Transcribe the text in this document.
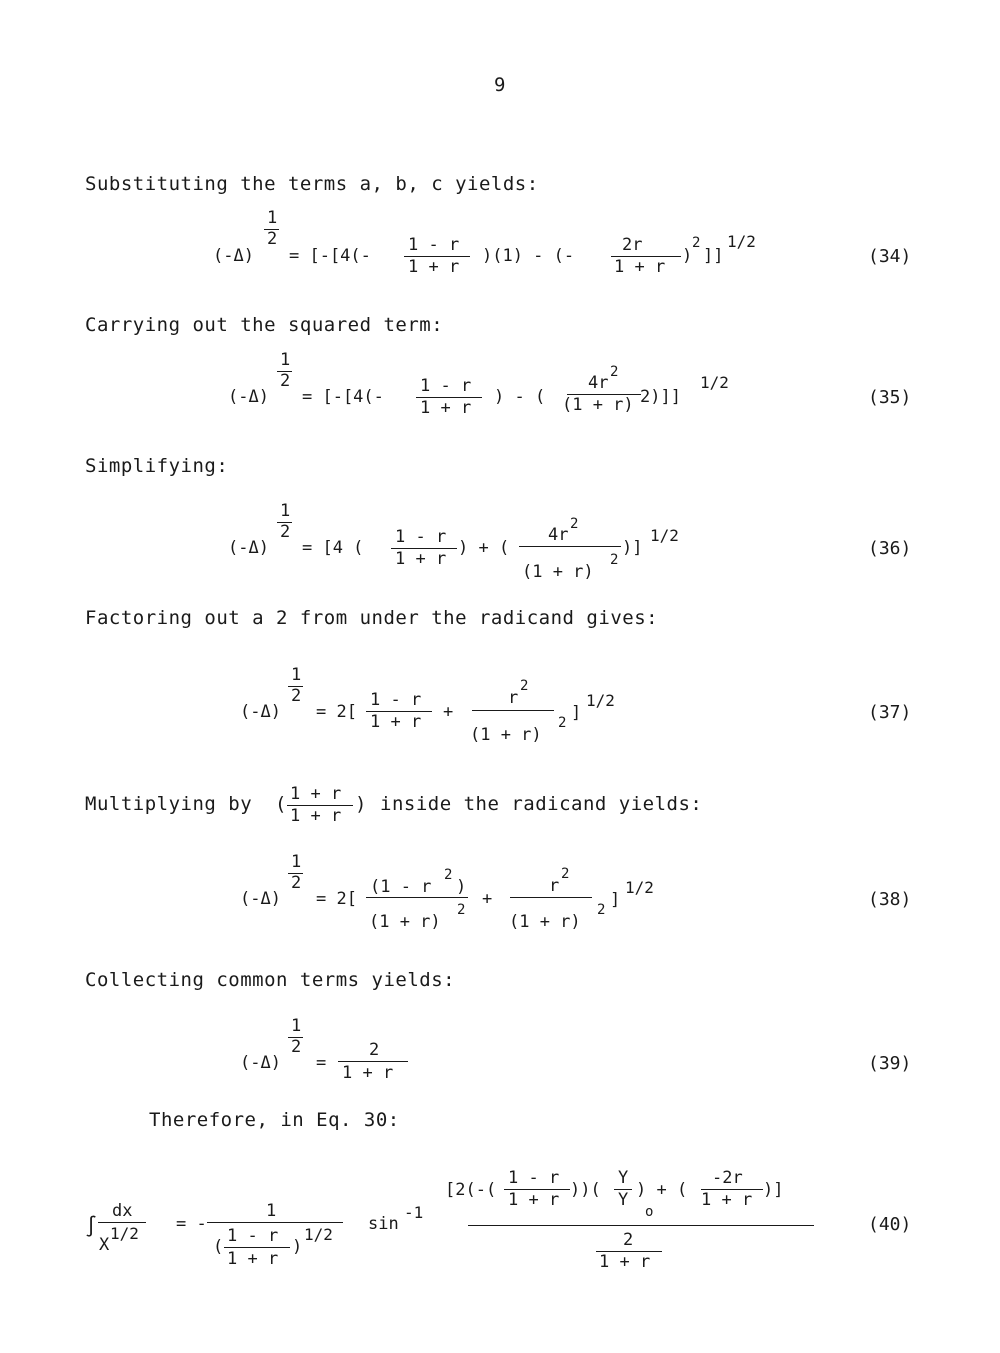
9
Substituting the terms a, b, c yields:
1
2
(-Δ) = [-[4(-
1 - r
1 + r
)(1) - (-
2r
1 + r
)
2
]]
1/2
(34)
Carrying out the squared term:
1
2
(-Δ) = [-[4(-
1 - r
1 + r
) - (
4r
2
(1 + r) 2)]]
1/2
(35)
Simplifying:
1
2
(-Δ) = [4 (
1 - r
1 + r
) + (
4r
2
(1 + r)
2
)]
1/2
(36)
Factoring out a 2 from under the radicand gives:
1
2
(-Δ) = 2[
1 - r
1 + r +
r
2
(1 + r)
2 ]
1/2
(37)
Multiplying by ( 1 + r
1 + r
) inside the radicand yields:
1
2
(-Δ) = 2[
(1 - r
2
)
(1 + r)
2
+
r
2
(1 + r)
2 ]
1/2
(38)
Collecting common terms yields:
1
2
(-Δ) =
2
1 + r	(39)
Therefore, in Eq. 30:
∫
dx
X
1/2 = -
1
(
1 - r
1 + r
)
1/2
sin
-1
[2(-(
1 - r
1 + r ))(
Y
Y
o
) + (
-2r
1 + r )]
2
1 + r
(40)
